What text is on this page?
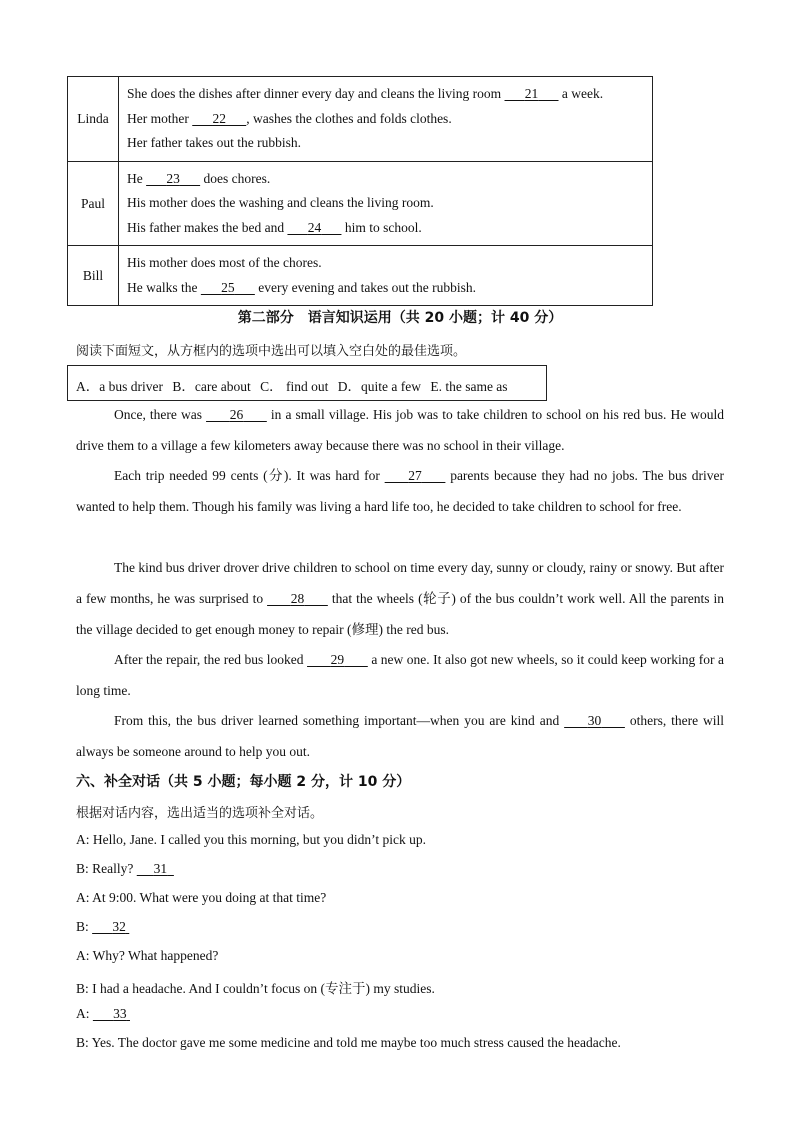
Linda	She does the dishes after dinner every day and cleans the living room 21 a week.
Her mother 22 , washes the clothes and folds clothes.
Her father takes out the rubbish.

Paul	He 23 does chores.
His mother does the washing and cleans the living room.
His father makes the bed and 24 him to school.

Bill	His mother does most of the chores.
He walks the 25 every evening and takes out the rubbish.
第二部分　语言知识运用（共 20 小题；计 40 分）
阅读下面短文，从方框内的选项中选出可以填入空白处的最佳选项。
A．a bus driver B．care about C． find out D．quite a few E. the same as
Once, there was 26 in a small village. His job was to take children to school on his red bus. He would drive them to a village a few kilometers away because there was no school in their village.
Each trip needed 99 cents (分). It was hard for 27 parents because they had no jobs. The bus driver wanted to help them. Though his family was living a hard life too, he decided to take children to school for free.
The kind bus driver drover drive children to school on time every day, sunny or cloudy, rainy or snowy. But after a few months, he was surprised to 28 that the wheels (轮子) of the bus couldn’t work well. All the parents in the village decided to get enough money to repair (修理) the red bus.
After the repair, the red bus looked 29 a new one. It also got new wheels, so it could keep working for a long time.
From this, the bus driver learned something important—when you are kind and 30 others, there will always be someone around to help you out.
六、补全对话（共 5 小题；每小题 2 分，计 10 分）
根据对话内容，选出适当的选项补全对话。
A: Hello, Jane. I called you this morning, but you didn’t pick up.
B: Really? 31
A: At 9:00. What were you doing at that time?
B: 32
A: Why? What happened?
B: I had a headache. And I couldn’t focus on (专注于) my studies.
A: 33
B: Yes. The doctor gave me some medicine and told me maybe too much stress caused the headache.
